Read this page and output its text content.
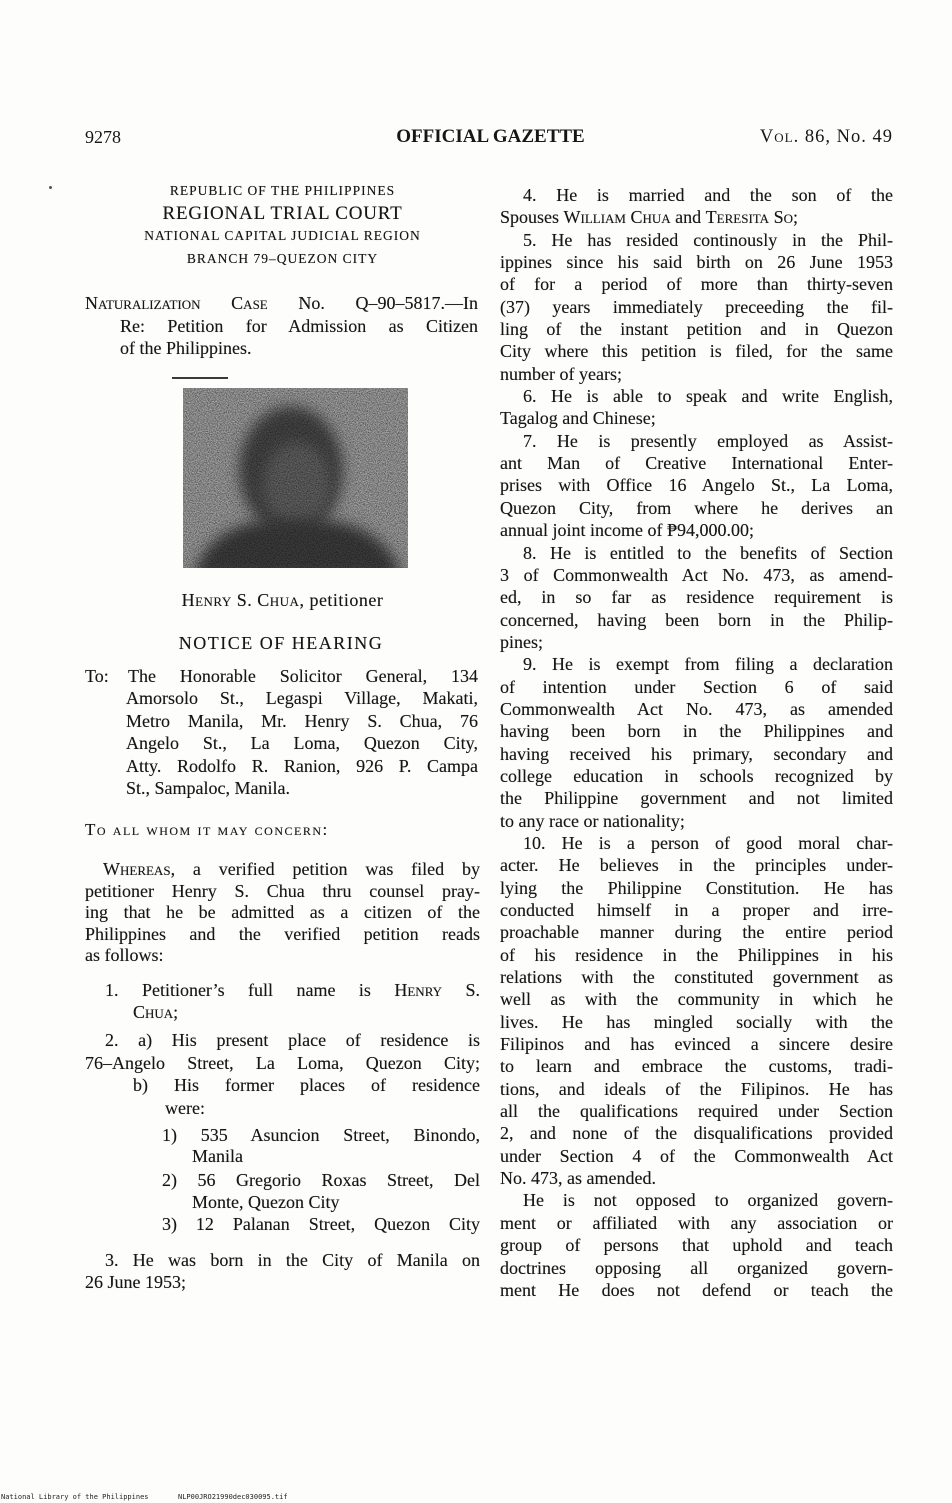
9278	OFFICIAL GAZETTE	Vol. 86, No. 49
REPUBLIC OF THE PHILIPPINES
REGIONAL TRIAL COURT
NATIONAL CAPITAL JUDICIAL REGION
BRANCH 79–QUEZON CITY
Naturalization Case No. Q–90–5817.—In
Re: Petition for Admission as Citizen
of the Philippines.
Henry S. Chua, petitioner
NOTICE OF HEARING
To:	The Honorable Solicitor General, 134
Amorsolo St., Legaspi Village, Makati,
Metro Manila, Mr. Henry S. Chua, 76
Angelo St., La Loma, Quezon City,
Atty. Rodolfo R. Ranion, 926 P. Campa
St., Sampaloc, Manila.
To all whom it may concern:
Whereas, a verified petition was filed by
petitioner Henry S. Chua thru counsel pray-
ing that he be admitted as a citizen of the
Philippines and the verified petition reads
as follows:
1. Petitioner’s full name is Henry S.
Chua;
2. a) His present place of residence is
76–Angelo Street, La Loma, Quezon City;
b) His former places of residence
were:
1) 535 Asuncion Street, Binondo,
Manila
2) 56 Gregorio Roxas Street, Del
Monte, Quezon City
3) 12 Palanan Street, Quezon City
3. He was born in the City of Manila on
26 June 1953;
4. He is married and the son of the
Spouses William Chua and Teresita So;
5. He has resided continously in the Phil-
ippines since his said birth on 26 June 1953
of for a period of more than thirty-seven
(37) years immediately preceeding the fil-
ling of the instant petition and in Quezon
City where this petition is filed, for the same
number of years;
6. He is able to speak and write English,
Tagalog and Chinese;
7. He is presently employed as Assist-
ant Man of Creative International Enter-
prises with Office 16 Angelo St., La Loma,
Quezon City, from where he derives an
annual joint income of ₱94,000.00;
8. He is entitled to the benefits of Section
3 of Commonwealth Act No. 473, as amend-
ed, in so far as residence requirement is
concerned, having been born in the Philip-
pines;
9. He is exempt from filing a declaration
of intention under Section 6 of said
Commonwealth Act No. 473, as amended
having been born in the Philippines and
having received his primary, secondary and
college education in schools recognized by
the Philippine government and not limited
to any race or nationality;
10. He is a person of good moral char-
acter. He believes in the principles under-
lying the Philippine Constitution. He has
conducted himself in a proper and irre-
proachable manner during the entire period
of his residence in the Philippines in his
relations with the constituted government as
well as with the community in which he
lives. He has mingled socially with the
Filipinos and has evinced a sincere desire
to learn and embrace the customs, tradi-
tions, and ideals of the Filipinos. He has
all the qualifications required under Section
2, and none of the disqualifications provided
under Section 4 of the Commonwealth Act
No. 473, as amended.
He is not opposed to organized govern-
ment or affiliated with any association or
group of persons that uphold and teach
doctrines opposing all organized govern-
ment He does not defend or teach the
National Library of the Philippines	NLP00JRO21990dec030095.tif
